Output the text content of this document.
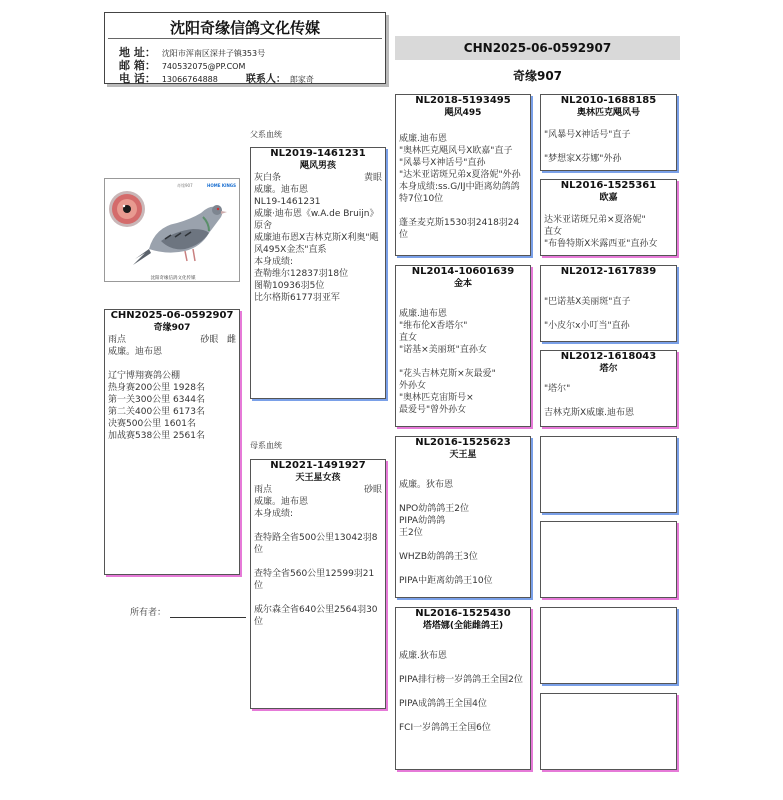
沈阳奇缘信鸽文化传媒
地 址： 沈阳市浑南区深井子镇353号
邮 箱： 740532075@PP.COM
电 话： 13066764888	联系人： 郎家奇
CHN2025-06-0592907
奇缘907
奇缘907	HOME KINGS
沈阳奇缘信鸽文化传媒
父系血统
母系血统
CHN2025-06-0592907
奇缘907
雨点	砂眼 雌
威廉。迪布恩

辽宁博翔赛鸽公棚
热身赛200公里 1928名
第一关300公里 6344名
第二关400公里 6173名
决赛500公里 1601名
加战赛538公里 2561名
所有者：
NL2019-1461231
飓风男孩
灰白条	黄眼
威廉。迪布恩
NL19-1461231
威廉·迪布恩《w.A.de Bruijn》原舍
威廉迪布恩X吉林克斯X利奥"飓风495X金杰"直系
本身成绩:
查勒维尔12837羽18位
图勒10936羽5位
比尔格斯6177羽亚军
NL2021-1491927
天王星女孩
雨点	砂眼
威廉。迪布恩
本身成绩:

查特路全省500公里13042羽8位

查特全省560公里12599羽21位

威尔森全省640公里2564羽30位
NL2018-5193495
飓风495
威廉.迪布恩
"奥林匹克飓风号X欧嘉"直子
"风暴号X神话号"直孙
"达米亚诺斑兄弟x夏洛妮"外孙
本身成绩:ss.G/IJ中距离幼鸽鸽特7位10位

蓬圣麦克斯1530羽2418羽24位
NL2014-10601639
金本
威廉.迪布恩
"维布伦X香塔尔"
直女
"诺基×美丽斑"直孙女

"花头吉林克斯×灰最爱"
外孙女
"奥林匹克宙斯号×
最爱号"曾外孙女
NL2016-1525623
天王星
威廉。狄布恩

NPO幼鸽鸽王2位
PIPA幼鸽鸽
王2位

WHZB幼鸽鸽王3位

PIPA中距离幼鸽王10位
NL2016-1525430
塔塔娜(全能雌鸽王)
威廉.狄布恩

PIPA排行榜一岁鸽鸽王全国2位

PIPA成鸽鸽王全国4位

FCI一岁鸽鸽王全国6位
NL2010-1688185
奥林匹克飓风号
"风暴号X神话号"直子

"梦想家X芬娜"外孙
NL2016-1525361
欧嘉
达米亚诺斑兄弟×夏洛妮"
直女
"布鲁特斯X米露西亚"直孙女
NL2012-1617839
"巴诺基X美丽斑"直子

"小皮尔x小叮当"直孙
NL2012-1618043
塔尔
"塔尔"

吉林克斯X威廉.迪布恩
